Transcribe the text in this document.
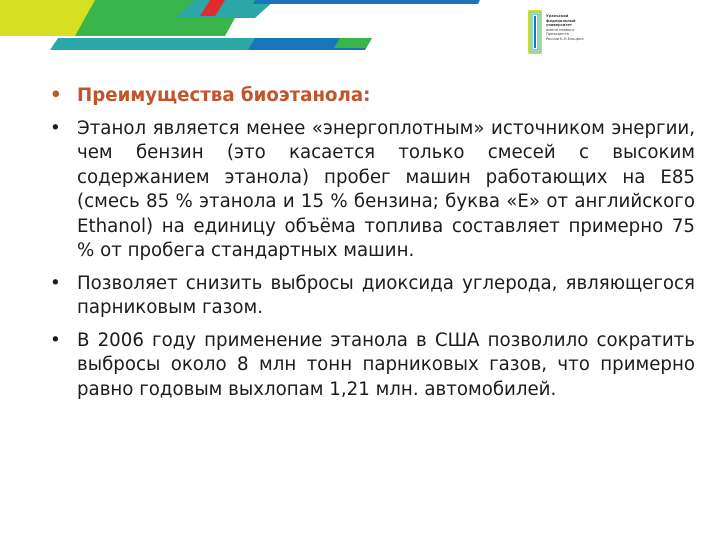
Уральский
федеральный
университет
имени первого Президента
России Б.Н.Ельцина
• Преимущества биоэтанола:
• Этанол является менее «энергоплотным» источником энергии, чем бензин (это касается только смесей с высоким содержанием этанола) пробег машин работающих на E85 (смесь 85 % этанола и 15 % бензина; буква «E» от английского Ethanol) на единицу объёма топлива составляет примерно 75 % от пробега стандартных машин.
• Позволяет снизить выбросы диоксида углерода, являющегося парниковым газом.
• В 2006 году применение этанола в США позволило сократить выбросы около 8 млн тонн парниковых газов, что примерно равно годовым выхлопам 1,21 млн. автомобилей.
